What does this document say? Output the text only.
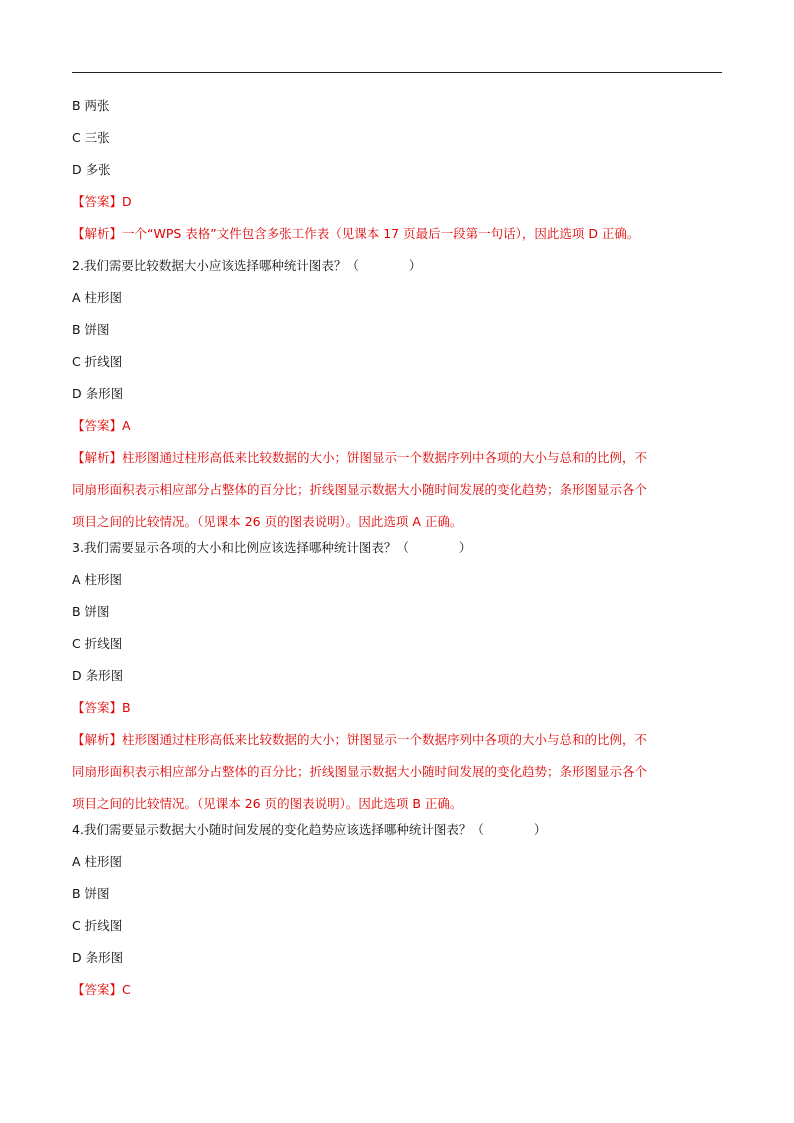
B 两张
C 三张
D 多张
【答案】D
【解析】一个“WPS 表格”文件包含多张工作表（见课本 17 页最后一段第一句话），因此选项 D 正确。
2.我们需要比较数据大小应该选择哪种统计图表？（　　　　）
A 柱形图
B 饼图
C 折线图
D 条形图
【答案】A

【解析】柱形图通过柱形高低来比较数据的大小；饼图显示一个数据序列中各项的大小与总和的比例，不

同扇形面积表示相应部分占整体的百分比；折线图显示数据大小随时间发展的变化趋势；条形图显示各个

项目之间的比较情况。（见课本 26 页的图表说明）。因此选项 A 正确。

3.我们需要显示各项的大小和比例应该选择哪种统计图表？（　　　　）
A 柱形图
B 饼图
C 折线图
D 条形图
【答案】B

【解析】柱形图通过柱形高低来比较数据的大小；饼图显示一个数据序列中各项的大小与总和的比例，不

同扇形面积表示相应部分占整体的百分比；折线图显示数据大小随时间发展的变化趋势；条形图显示各个

项目之间的比较情况。（见课本 26 页的图表说明）。因此选项 B 正确。

4.我们需要显示数据大小随时间发展的变化趋势应该选择哪种统计图表？（　　　　）
A 柱形图
B 饼图
C 折线图
D 条形图
【答案】C
